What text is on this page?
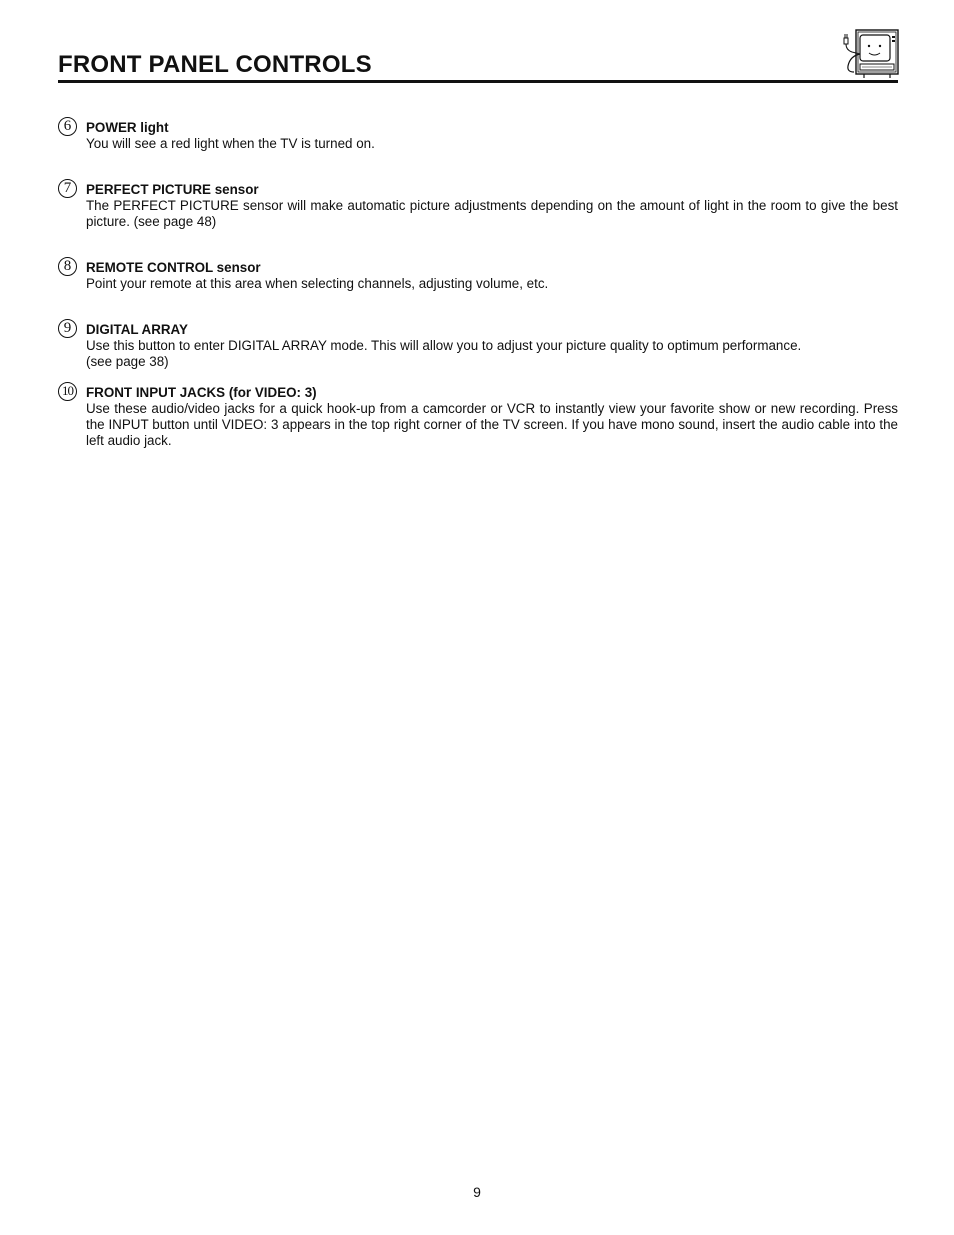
FRONT PANEL CONTROLS
6	POWER light
You will see a red light when the TV is turned on.
7	PERFECT PICTURE sensor
The PERFECT PICTURE sensor will make automatic picture adjustments depending on the amount of light in the room to give the best picture. (see page 48)
8	REMOTE CONTROL sensor
Point your remote at this area when selecting channels, adjusting volume, etc.
9	DIGITAL ARRAY
Use this button to enter DIGITAL ARRAY mode. This will allow you to adjust your picture quality to optimum performance.
(see page 38)
10 FRONT INPUT JACKS (for VIDEO: 3)
Use these audio/video jacks for a quick hook-up from a camcorder or VCR to instantly view your favorite show or new recording. Press the INPUT button until VIDEO: 3 appears in the top right corner of the TV screen. If you have mono sound, insert the audio cable into the left audio jack.
9
